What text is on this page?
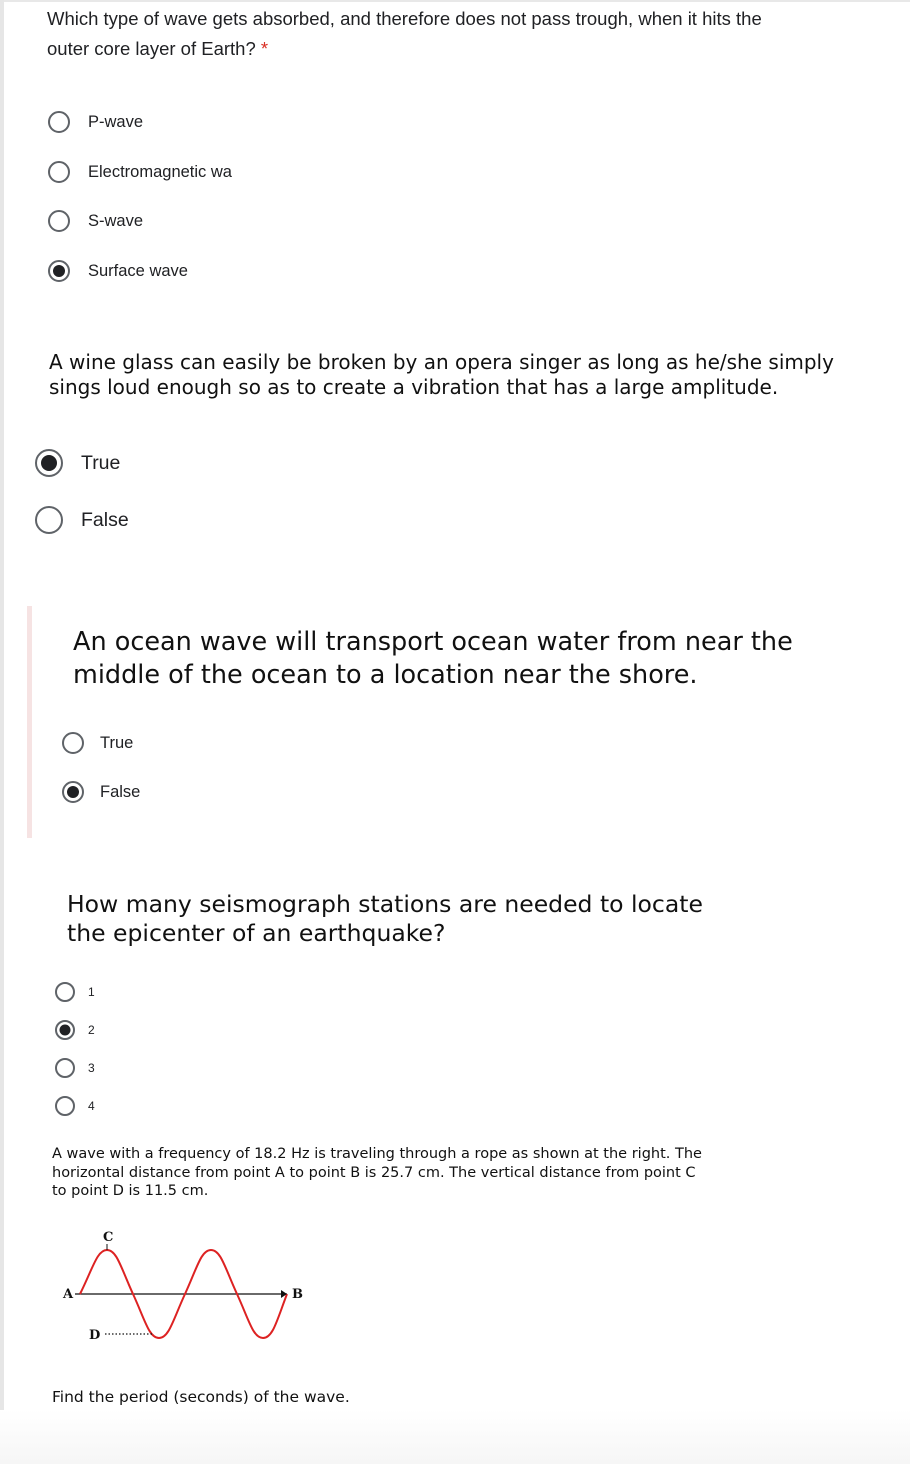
Which type of wave gets absorbed, and therefore does not pass trough, when it hits the outer core layer of Earth? *
P-wave
Electromagnetic wa
S-wave
Surface wave
A wine glass can easily be broken by an opera singer as long as he/she simply sings loud enough so as to create a vibration that has a large amplitude.
True
False
An ocean wave will transport ocean water from near the middle of the ocean to a location near the shore.
True
False
How many seismograph stations are needed to locate the epicenter of an earthquake?
1
2
3
4
A wave with a frequency of 18.2 Hz is traveling through a rope as shown at the right. The horizontal distance from point A to point B is 25.7 cm. The vertical distance from point C to point D is 11.5 cm.
C
A	B
D
Find the period (seconds) of the wave.
